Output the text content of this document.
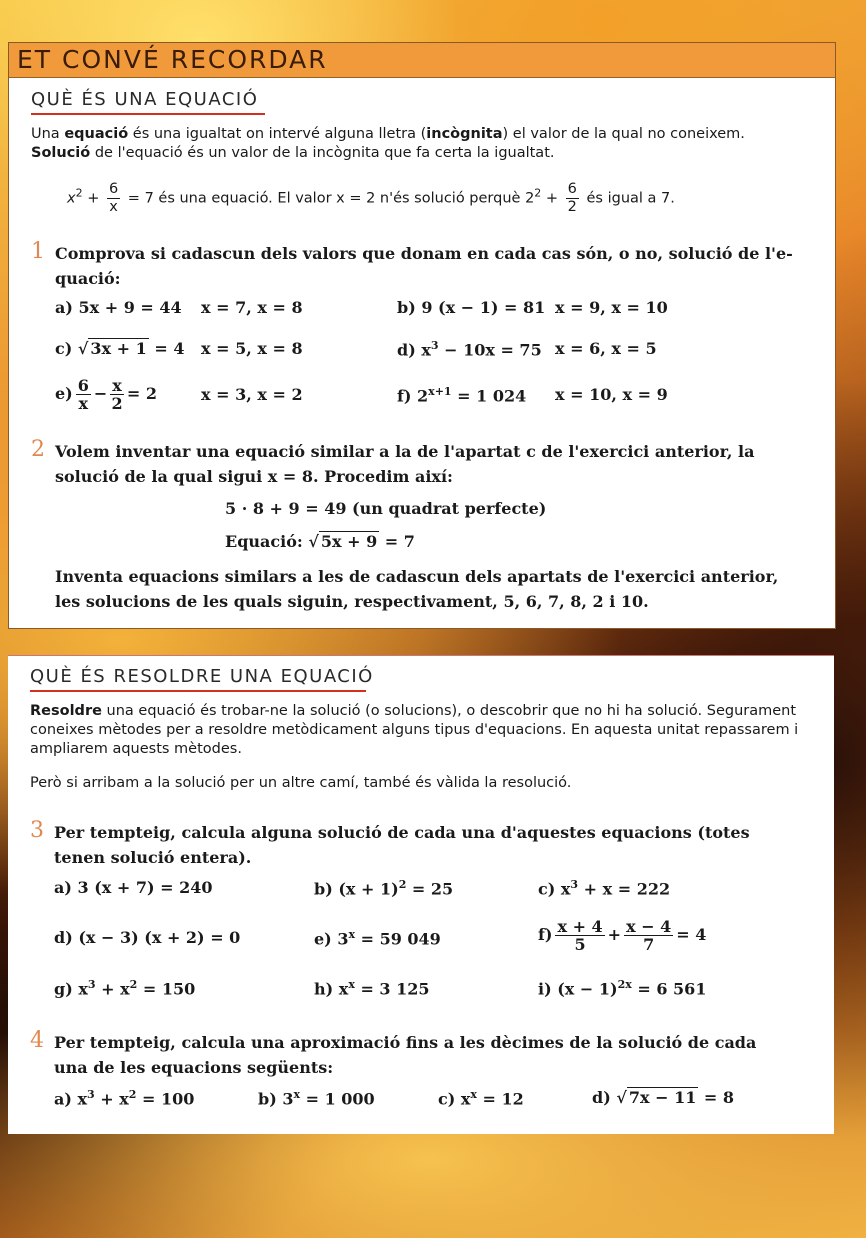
ET CONVÉ RECORDAR
QUÈ ÉS UNA EQUACIÓ
Una equació és una igualtat on intervé alguna lletra (incògnita) el valor de la qual no coneixem.
Solució de l'equació és un valor de la incògnita que fa certa la igualtat.
$x^2 + \frac{6}{x} = 7$ és una equació. El valor x = 2 n'és solució perquè $2^2 + \frac{6}{2}$ és igual a 7.
1 Comprova si cadascun dels valors que donam en cada cas són, o no, solució de l'equació:
a) 5x + 9 = 44 x = 7, x = 8	b) 9 (x − 1) = 81 x = 9, x = 10
c) √ 3x + 1 = 4 x = 5, x = 8	d) $x^3 - 10x = 75$ x = 6, x = 5
$e) \frac{6}{x} - \frac{x}{2} = 2$	x = 3, x = 2	f) $2^{x+1} = 1$ 024 x = 10, x = 9
2 Volem inventar una equació similar a la de l'apartat c de l'exercici anterior, la solució de la qual sigui x = 8. Procedim així:
5 · 8 + 9 = 49 (un quadrat perfecte)
Equació: √ 5x + 9 = 7
Inventa equacions similars a les de cadascun dels apartats de l'exercici anterior, les solucions de les quals siguin, respectivament, 5, 6, 7, 8, 2 i 10.
QUÈ ÉS RESOLDRE UNA EQUACIÓ
Resoldre una equació és trobar-ne la solució (o solucions), o descobrir que no hi ha solució. Segurament coneixes mètodes per a resoldre metòdicament alguns tipus d'equacions. En aquesta unitat repassarem i ampliarem aquests mètodes.
Però si arribam a la solució per un altre camí, també és vàlida la resolució.
3 Per tempteig, calcula alguna solució de cada una d'aquestes equacions (totes tenen solució entera).
a) 3 (x + 7) = 240	b) $(x + 1)^2 = 25$	c) $x^3 + x = 222$
d) (x − 3) (x + 2) = 0	e) $3^x = 59$ 049	$f) \frac{x + 4}{5} + \frac{x - 4}{7} = 4$
g) $x^3 + x^2 = 150$	h) $x^x = 3$ 125	i) $(x - 1)^{2x} = 6$ 561
4 Per tempteig, calcula una aproximació fins a les dècimes de la solució de cada una de les equacions següents:
a) $x^3 + x^2 = 100$	b) $3^x = 1$ 000	c) $x^x = 12$	d) √ 7x − 11 = 8
